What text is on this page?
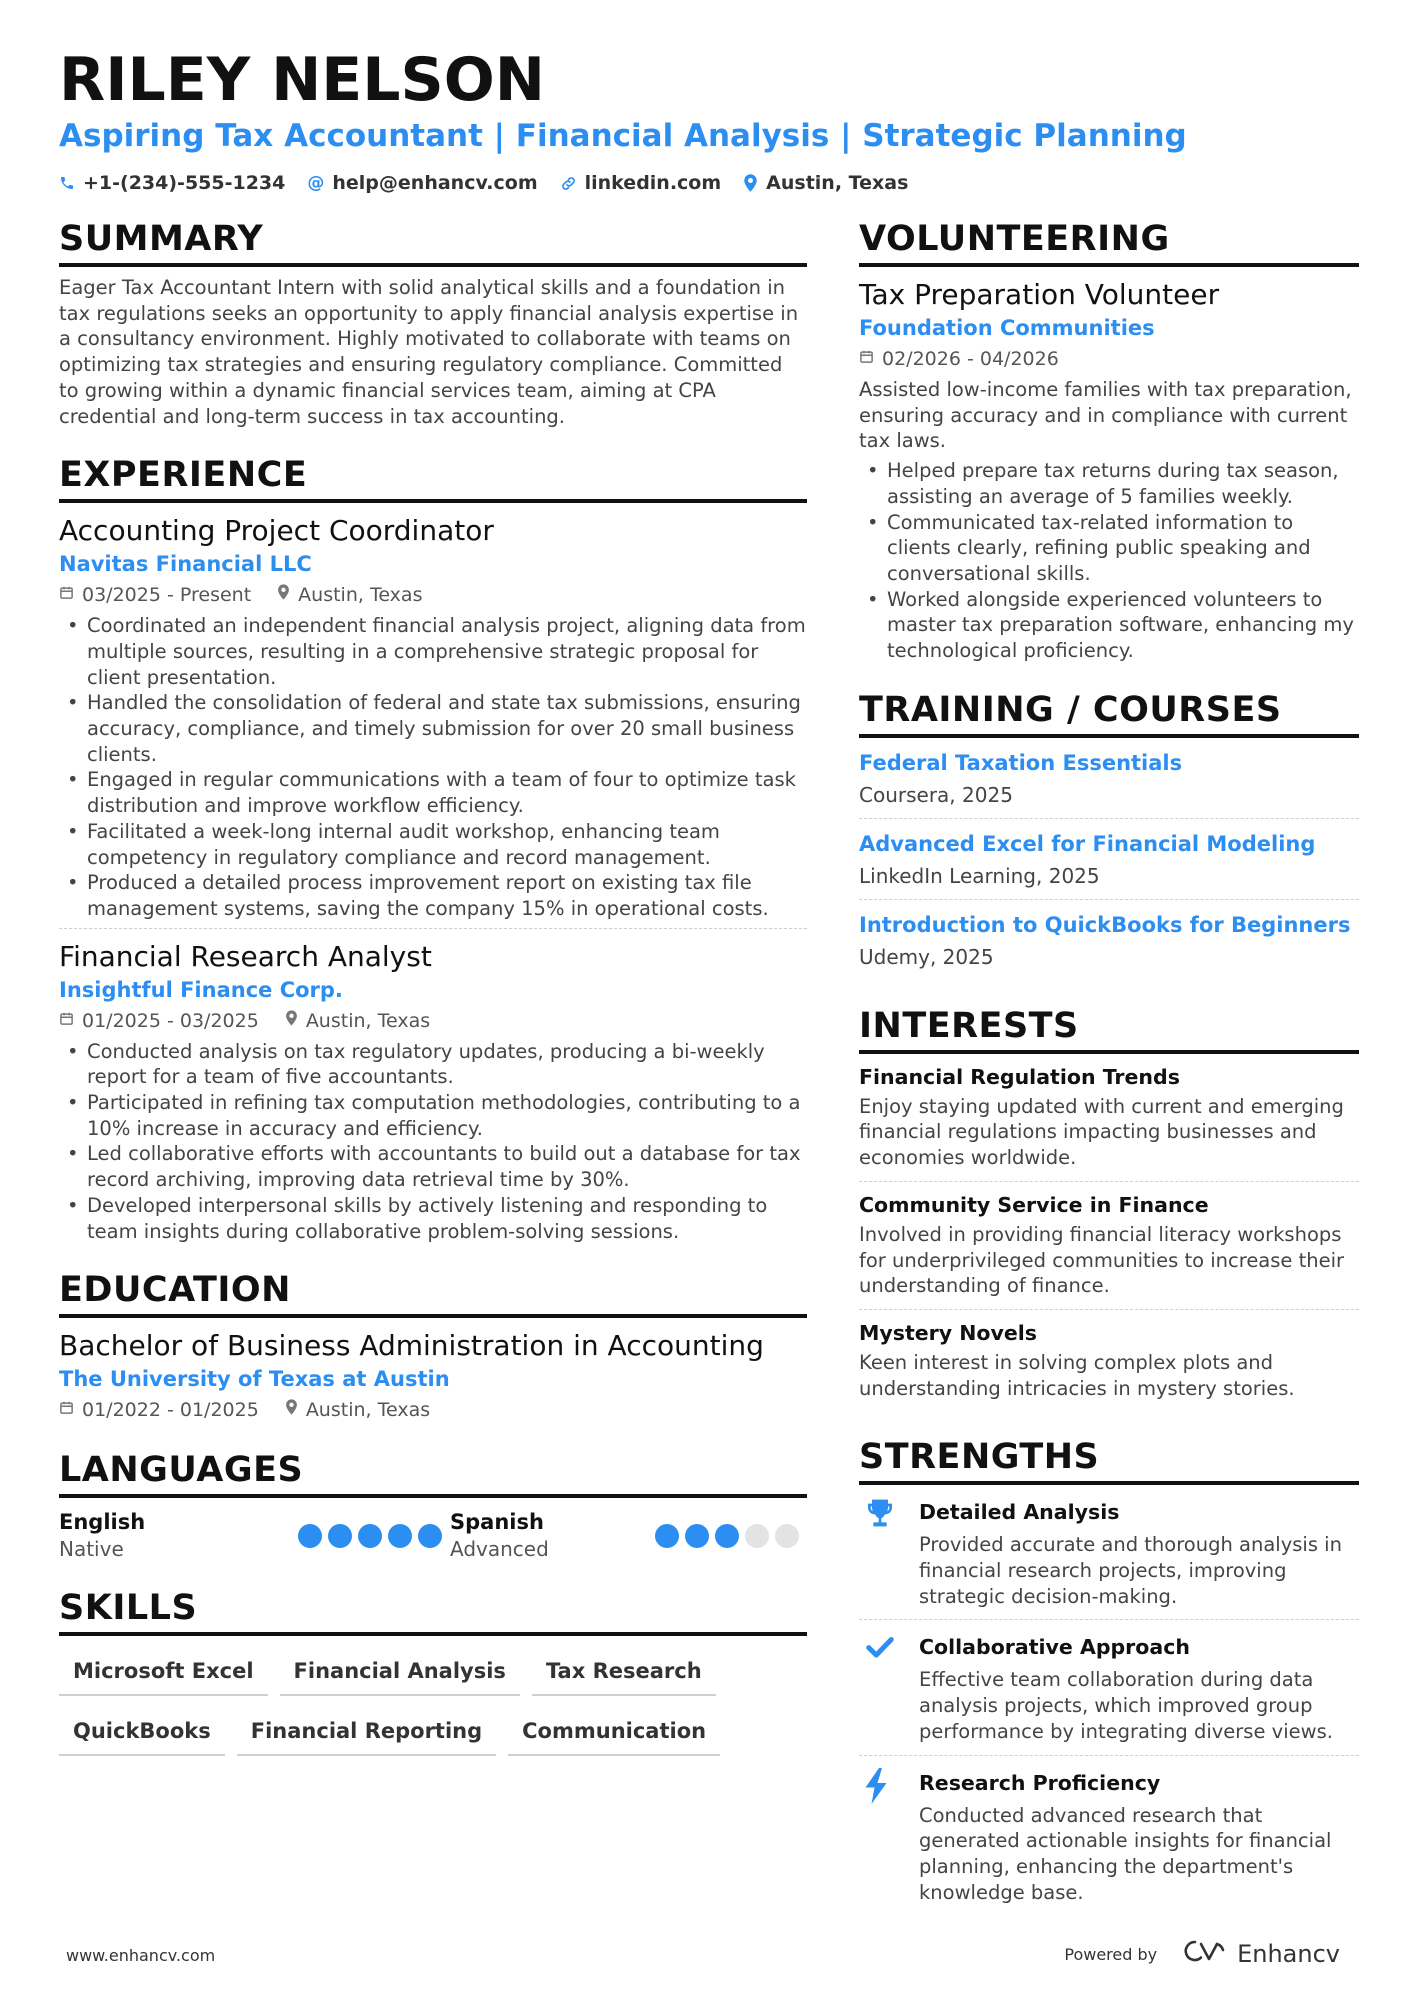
RILEY NELSON
Aspiring Tax Accountant | Financial Analysis | Strategic Planning
+1-(234)-555-1234 @ help@enhancv.com linkedin.com Austin, Texas
SUMMARY

Eager Tax Accountant Intern with solid analytical skills and a foundation in tax regulations seeks an opportunity to apply financial analysis expertise in a consultancy environment. Highly motivated to collaborate with teams on optimizing tax strategies and ensuring regulatory compliance. Committed to growing within a dynamic financial services team, aiming at CPA credential and long-term success in tax accounting.

EXPERIENCE
Accounting Project Coordinator
Navitas Financial LLC
03/2025 - Present Austin, Texas
• Coordinated an independent financial analysis project, aligning data from multiple sources, resulting in a comprehensive strategic proposal for client presentation.
• Handled the consolidation of federal and state tax submissions, ensuring accuracy, compliance, and timely submission for over 20 small business clients.
• Engaged in regular communications with a team of four to optimize task distribution and improve workflow efficiency.
• Facilitated a week-long internal audit workshop, enhancing team competency in regulatory compliance and record management.
• Produced a detailed process improvement report on existing tax file management systems, saving the company 15% in operational costs.
Financial Research Analyst
Insightful Finance Corp.
01/2025 - 03/2025 Austin, Texas
• Conducted analysis on tax regulatory updates, producing a bi-weekly report for a team of five accountants.
• Participated in refining tax computation methodologies, contributing to a 10% increase in accuracy and efficiency.
• Led collaborative efforts with accountants to build out a database for tax record archiving, improving data retrieval time by 30%.
• Developed interpersonal skills by actively listening and responding to team insights during collaborative problem-solving sessions.
EDUCATION
Bachelor of Business Administration in Accounting
The University of Texas at Austin
01/2022 - 01/2025 Austin, Texas
LANGUAGES
English
Native
Spanish
Advanced
SKILLS
Microsoft Excel	Financial Analysis	Tax Research
QuickBooks	Financial Reporting	Communication
VOLUNTEERING
Tax Preparation Volunteer
Foundation Communities
02/2026 - 04/2026

Assisted low-income families with tax preparation, ensuring accuracy and in compliance with current tax laws.

• Helped prepare tax returns during tax season, assisting an average of 5 families weekly.
• Communicated tax-related information to clients clearly, refining public speaking and conversational skills.
• Worked alongside experienced volunteers to master tax preparation software, enhancing my technological proficiency.
TRAINING / COURSES
Federal Taxation Essentials
Coursera, 2025
Advanced Excel for Financial Modeling
LinkedIn Learning, 2025
Introduction to QuickBooks for Beginners
Udemy, 2025
INTERESTS
Financial Regulation Trends
Enjoy staying updated with current and emerging financial regulations impacting businesses and economies worldwide.
Community Service in Finance
Involved in providing financial literacy workshops for underprivileged communities to increase their understanding of finance.
Mystery Novels
Keen interest in solving complex plots and understanding intricacies in mystery stories.
STRENGTHS
Detailed Analysis
Provided accurate and thorough analysis in financial research projects, improving strategic decision-making.
Collaborative Approach
Effective team collaboration during data analysis projects, which improved group performance by integrating diverse views.
Research Proficiency
Conducted advanced research that generated actionable insights for financial planning, enhancing the department's knowledge base.
www.enhancv.com	Powered by	Enhancv
